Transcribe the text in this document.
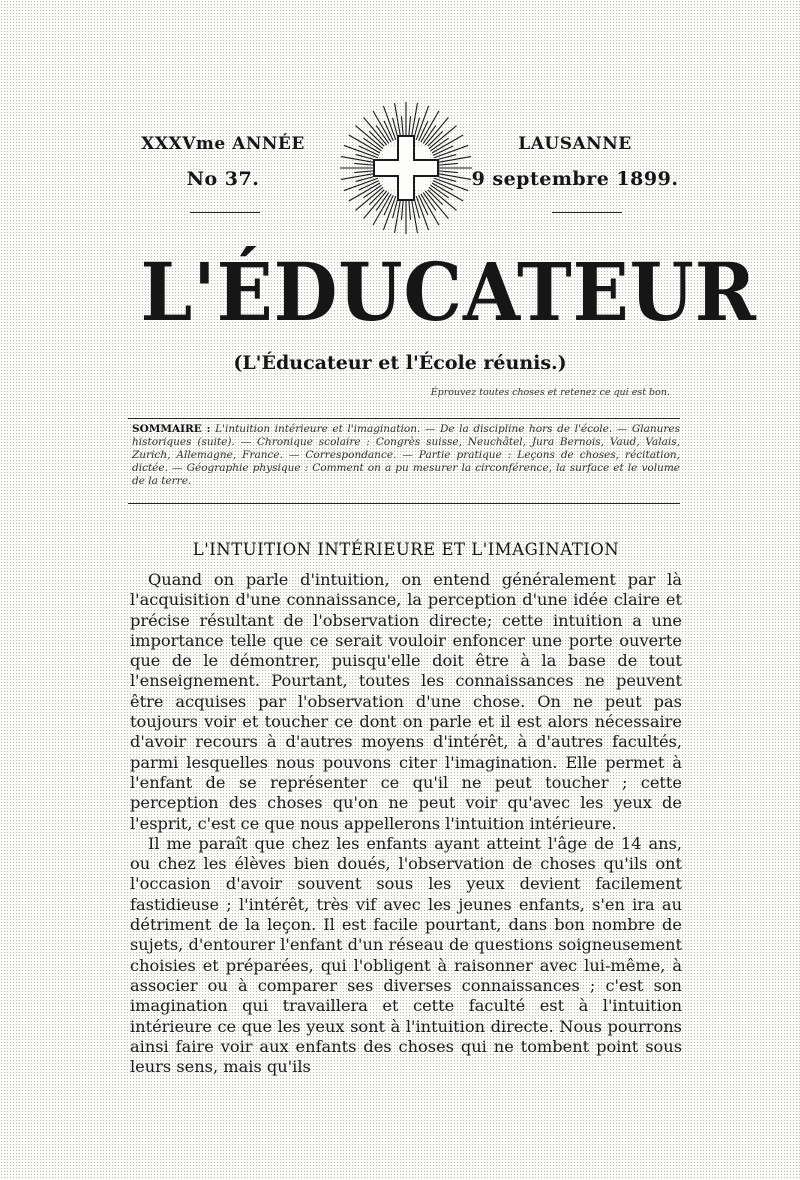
XXXVme ANNÉE
No 37.
LAUSANNE
9 septembre 1899.
L'ÉDUCATEUR
(L'Éducateur et l'École réunis.)
Éprouvez toutes choses et retenez ce qui est bon.
SOMMAIRE : L'intuition intérieure et l'imagination. — De la discipline hors de l'école. — Glanures historiques (suite). — Chronique scolaire : Congrès suisse, Neuchâtel, Jura Bernois, Vaud, Valais, Zurich, Allemagne, France. — Correspondance. — Partie pratique : Leçons de choses, récitation, dictée. — Géographie physique : Comment on a pu mesurer la circonférence, la surface et le volume de la terre.
L'INTUITION INTÉRIEURE ET L'IMAGINATION

Quand on parle d'intuition, on entend généralement par là l'acquisition d'une connaissance, la perception d'une idée claire et précise résultant de l'observation directe; cette intuition a une importance telle que ce serait vouloir enfoncer une porte ouverte que de le démontrer, puisqu'elle doit être à la base de tout l'enseignement. Pourtant, toutes les connaissances ne peuvent être acquises par l'observation d'une chose. On ne peut pas toujours voir et toucher ce dont on parle et il est alors nécessaire d'avoir recours à d'autres moyens d'intérêt, à d'autres facultés, parmi lesquelles nous pouvons citer l'imagination. Elle permet à l'enfant de se représenter ce qu'il ne peut toucher ; cette perception des choses qu'on ne peut voir qu'avec les yeux de l'esprit, c'est ce que nous appellerons l'intuition intérieure.

Il me paraît que chez les enfants ayant atteint l'âge de 14 ans, ou chez les élèves bien doués, l'observation de choses qu'ils ont l'occasion d'avoir souvent sous les yeux devient facilement fastidieuse ; l'intérêt, très vif avec les jeunes enfants, s'en ira au détriment de la leçon. Il est facile pourtant, dans bon nombre de sujets, d'entourer l'enfant d'un réseau de questions soigneusement choisies et préparées, qui l'obligent à raisonner avec lui-même, à associer ou à comparer ses diverses connaissances ; c'est son imagination qui travaillera et cette faculté est à l'intuition intérieure ce que les yeux sont à l'intuition directe. Nous pourrons ainsi faire voir aux enfants des choses qui ne tombent point sous leurs sens, mais qu'ils
